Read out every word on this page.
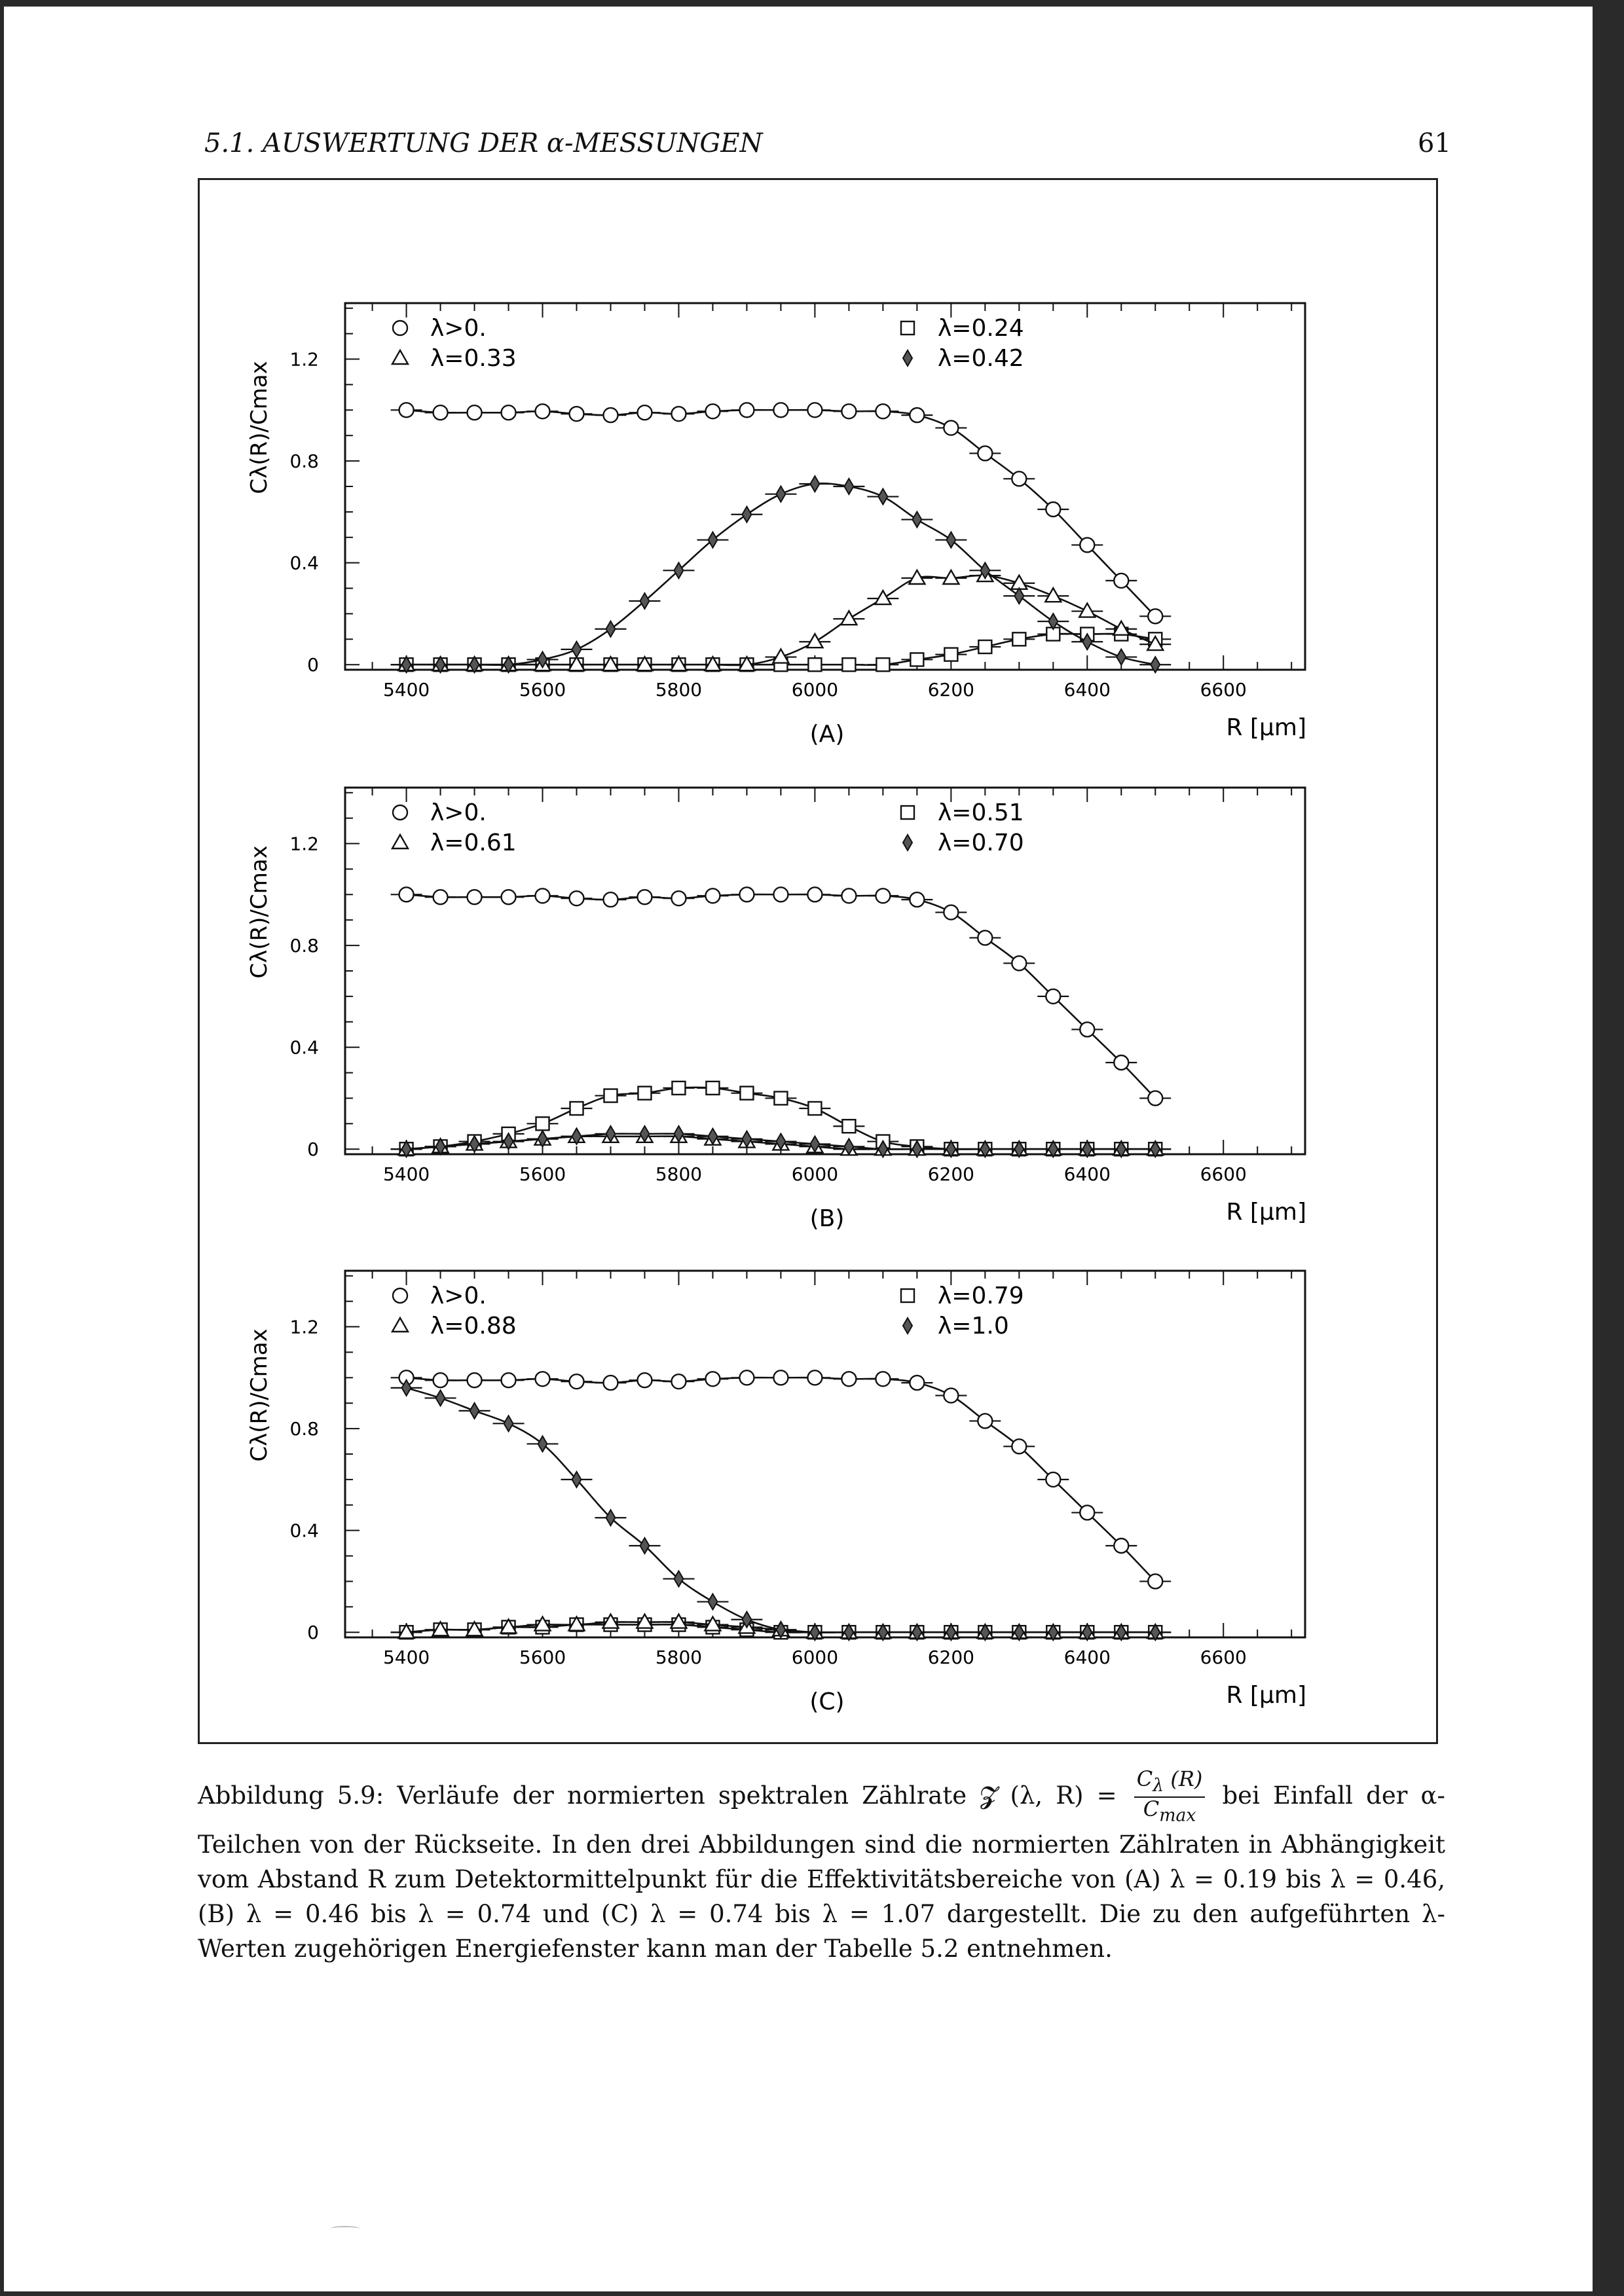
5.1. AUSWERTUNG DER α-MESSUNGEN	61
5400	5600	5800	6000	6200	6400	6600
0
0.4
0.8
1.2
Cλ(R)/Cmax
(A)	R [μm]
λ>0.	λ=0.24
λ=0.33	λ=0.42
5400	5600	5800	6000	6200	6400	6600
0
0.4
0.8
1.2
Cλ(R)/Cmax
(B)	R [μm]
λ>0.	λ=0.51
λ=0.61	λ=0.70
5400	5600	5800	6000	6200	6400	6600
0
0.4
0.8
1.2
Cλ(R)/Cmax
(C)	R [μm]
λ>0.	λ=0.79
λ=0.88	λ=1.0
Abbildung 5.9: Verläufe der normierten spektralen Zählrate 𝓩 (λ, $R) = \frac{C_\lambda (R)}{C_{max}}$ bei Einfall der α-Teilchen von der Rückseite. In den drei Abbildungen sind die normierten Zählraten in Abhängigkeit vom Abstand R zum Detektormittelpunkt für die Effektivitätsbereiche von (A) λ = 0.19 bis λ = 0.46, (B) λ = 0.46 bis λ = 0.74 und (C) λ = 0.74 bis λ = 1.07 dargestellt. Die zu den aufgeführten λ-Werten zugehörigen Energiefenster kann man der Tabelle 5.2 entnehmen.
